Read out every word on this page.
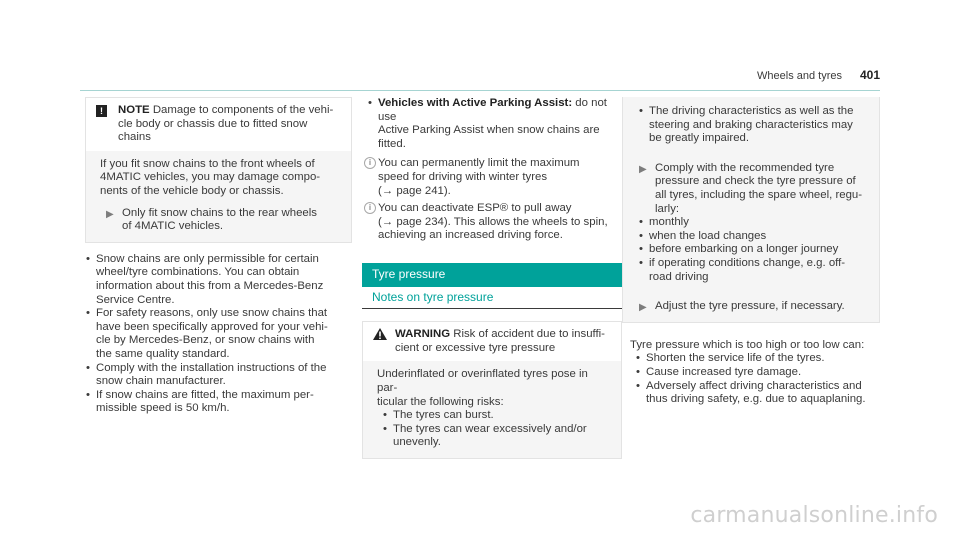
Wheels and tyres 401
!	NOTE Damage to components of the vehi-
cle body or chassis due to fitted snow
chains
If you fit snow chains to the front wheels of
4MATIC vehicles, you may damage compo-
nents of the vehicle body or chassis.
▶ Only fit snow chains to the rear wheels
of 4MATIC vehicles.
• Snow chains are only permissible for certain
wheel/tyre combinations. You can obtain
information about this from a Mercedes-Benz
Service Centre.
• For safety reasons, only use snow chains that
have been specifically approved for your vehi-
cle by Mercedes-Benz, or snow chains with
the same quality standard.
• Comply with the installation instructions of the
snow chain manufacturer.
• If snow chains are fitted, the maximum per-
missible speed is 50 km/h.
• Vehicles with Active Parking Assist: do not use
Active Parking Assist when snow chains are
fitted.
i You can permanently limit the maximum
speed for driving with winter tyres
(→ page 241).
i You can deactivate ESP® to pull away
(→ page 234). This allows the wheels to spin,
achieving an increased driving force.
Tyre pressure
Notes on tyre pressure
WARNING Risk of accident due to insuffi-
cient or excessive tyre pressure
Underinflated or overinflated tyres pose in par-
ticular the following risks:
• The tyres can burst.
• The tyres can wear excessively and/or
unevenly.
• The driving characteristics as well as the
steering and braking characteristics may
be greatly impaired.
▶ Comply with the recommended tyre
pressure and check the tyre pressure of
all tyres, including the spare wheel, regu-
larly:
• monthly
• when the load changes
• before embarking on a longer journey
• if operating conditions change, e.g. off-
road driving
▶ Adjust the tyre pressure, if necessary.
Tyre pressure which is too high or too low can:
• Shorten the service life of the tyres.
• Cause increased tyre damage.
• Adversely affect driving characteristics and
thus driving safety, e.g. due to aquaplaning.
carmanualsonline.info
